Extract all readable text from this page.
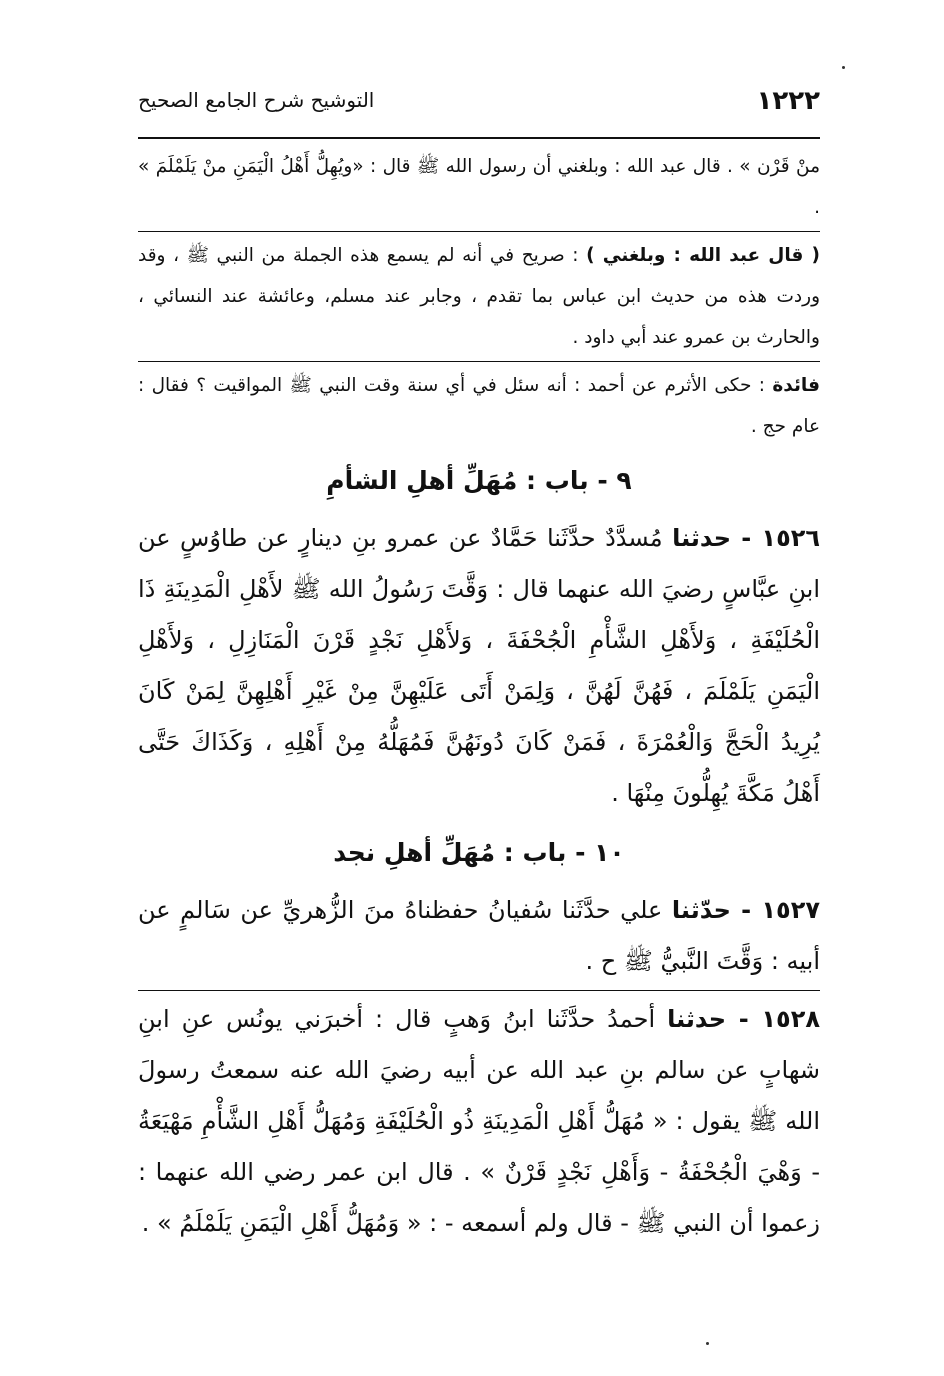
١٢٢٢
التوشيح شرح الجامع الصحيح

منْ قَرْن » . قال عبد الله : وبلغني أن رسول الله ﷺ قال : «ويُهِلُّ أَهْلُ الْيَمَنِ منْ يَلَمْلَمَ » .

( قال عبد الله : وبلغني ) : صريح في أنه لم يسمع هذه الجملة من النبي ﷺ ، وقد وردت هذه من حديث ابن عباس بما تقدم ، وجابر عند مسلم، وعائشة عند النسائي ، والحارث بن عمرو عند أبي داود .

فائدة : حكى الأثرم عن أحمد : أنه سئل في أي سنة وقت النبي ﷺ المواقيت ؟ فقال : عام حج .

٩ - باب : مُهَلِّ أهلِ الشأمِ

١٥٢٦ - حدثنا مُسدَّدٌ حدَّثَنا حَمَّادٌ عن عمرو بنِ دينارٍ عن طاوُسٍ عن ابنِ عبَّاسٍ رضيَ الله عنهما قال : وَقَّتَ رَسُولُ الله ﷺ لأَهْلِ الْمَدِينَةِ ذَا الْحُلَيْفَةِ ، وَلأَهْلِ الشَّأْمِ الْجُحْفَةَ ، وَلأَهْلِ نَجْدٍ قَرْنَ الْمَنَازِلِ ، وَلأَهْلِ الْيَمَنِ يَلَمْلَمَ ، فَهُنَّ لَهُنَّ ، وَلِمَنْ أَتَى عَلَيْهِنَّ مِنْ غَيْرِ أَهْلِهِنَّ لِمَنْ كَانَ يُرِيدُ الْحَجَّ وَالْعُمْرَةَ ، فَمَنْ كَانَ دُونَهُنَّ فَمُهَلُّهُ مِنْ أَهْلِهِ ، وَكَذَاكَ حَتَّى أَهْلُ مَكَّةَ يُهِلُّونَ مِنْهَا .

١٠ - باب : مُهَلِّ أهلِ نجد

١٥٢٧ - حدّثنا علي حدَّثَنا سُفيانُ حفظناهُ منَ الزُّهريِّ عن سَالمٍ عن أبيه : وَقَّتَ النَّبيُّ ﷺ ح .

١٥٢٨ - حدثنا أحمدُ حدَّثَنا ابنُ وَهبٍ قال : أخبرَني يونُس عنِ ابنِ شهابٍ عن سالم بنِ عبد الله عن أبيه رضيَ الله عنه سمعتُ رسولَ الله ﷺ يقول : « مُهَلُّ أَهْلِ الْمَدِينَةِ ذُو الْحُلَيْفَةِ وَمُهَلُّ أَهْلِ الشَّأْمِ مَهْيَعَةُ - وَهْيَ الْجُحْفَةُ - وَأَهْلِ نَجْدٍ قَرْنٌ » . قال ابن عمر رضي الله عنهما : زعموا أن النبي ﷺ - قال ولم أسمعه - : « وَمُهَلُّ أَهْلِ الْيَمَنِ يَلَمْلَمُ » .
